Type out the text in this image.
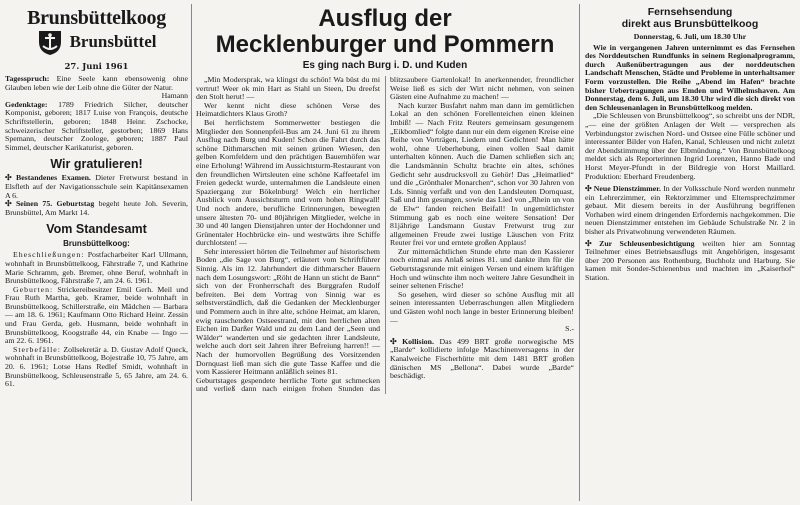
Brunsbüttelkoog
Brunsbüttel
27. Juni 1961

Tagesspruch: Eine Seele kann ebensowenig ohne Glauben leben wie der Leib ohne die Güter der Natur.

Hamann

Gedenktage: 1789 Friedrich Silcher, deutscher Komponist, geboren; 1817 Luise von François, deutsche Schriftstellerin, geboren; 1848 Heinr. Zschocke, schweizerischer Schriftsteller, gestorben; 1869 Hans Spemann, deutscher Zoologe, geboren; 1887 Paul Simmel, deutscher Karikaturist, geboren.

Wir gratulieren!

✣ Bestandenes Examen. Dieter Fretwurst bestand in Elsfleth auf der Navigationsschule sein Kapitänsexamen A 6.

✣ Seinen 75. Geburtstag begeht heute Joh. Severin, Brunsbüttel, Am Markt 14.

Vom Standesamt
Brunsbüttelkoog:

Eheschließungen: Postfacharbeiter Karl Ullmann, wohnhaft in Brunsbüttelkoog, Fährstraße 7, und Kathrine Marie Schramm, geb. Bremer, ohne Beruf, wohnhaft in Brunsbüttelkoog, Fährstraße 7, am 24. 6. 1961.

Geburten: Strickereibesitzer Emil Gerh. Meil und Frau Ruth Martha, geb. Kramer, beide wohnhaft in Brunsbüttelkoog, Schillerstraße, ein Mädchen — Barbara — am 18. 6. 1961; Kaufmann Otto Richard Heinr. Zessin und Frau Gerda, geb. Husmann, beide wohnhaft in Brunsbüttelkoog, Koogstraße 44, ein Knabe — Ingo — am 22. 6. 1961.

Sterbefälle: Zollsekretär a. D. Gustav Adolf Queck, wohnhaft in Brunsbüttelkoog, Bojestraße 10, 75 Jahre, am 20. 6. 1961; Lotse Hans Redlef Smidt, wohnhaft in Brunsbüttelkoog, Schleusenstraße 5, 65 Jahre, am 24. 6. 61.

Ausflug der
Mecklenburger und Pommern
Es ging nach Burg i. D. und Kuden

„Min Modersprak, wa klingst du schön! Wa büst du mi vertrut! Weer ok min Hart as Stahl un Steen, Du dreefst den Stolt herut! —

Wer kennt nicht diese schönen Verse des Heimatdichters Klaus Groth?

Bei herrlichstem Sommerwetter bestiegen die Mitglieder den Sonnenpfeil-Bus am 24. Juni 61 zu ihrem Ausflug nach Burg und Kuden! Schon die Fahrt durch das schöne Dithmarschen mit seinen grünen Wiesen, den gelben Kornfeldern und den prächtigen Bauernhöfen war eine Erholung! Während im Aussichtsturm-Restaurant von den freundlichen Wirtsleuten eine schöne Kaffeetafel im Freien gedeckt wurde, unternahmen die Landsleute einen Spaziergang zur Bökelnburg! Welch ein herrlicher Ausblick vom Aussichtsturm und vom hohen Ringwall! Und noch andere, berufliche Erinnerungen, bewegten unsere ältesten 70- und 80jährigen Mitglieder, welche in 30 und 40 langen Dienstjahren unter der Hochdonner und Grünentaler Hochbrücke ein- und westwärts ihre Schiffe durchlotsten! —

Sehr interessiert hörten die Teilnehmer auf historischem Boden „die Sage von Burg“, erläutert vom Schriftführer Sinnig. Als im 12. Jahrhundert die dithmarscher Bauern nach dem Losungswort: „Röht de Hann un sticht de Bann“ sich von der Fronherrschaft des Burggrafen Rudolf befreiten. Bei dem Vortrag von Sinnig war es selbstverständlich, daß die Gedanken der Mecklenburger und Pommern auch in ihre alte, schöne Heimat, am klaren, ewig rauschenden Ostseestrand, mit den herrlichen alten Eichen im Darßer Wald und zu dem Land der „Seen und Wälder“ wanderten und sie gedachten ihrer Landsleute, welche auch dort seit Jahren ihrer Befreiung harren!! — Nach der humorvollen Begrüßung des Vorsitzenden Dornquast ließ man sich die gute Tasse Kaffee und die vom Kassierer Heitmann anläßlich seines 81.

Geburtstages gespendete herrliche Torte gut schmecken und verließ dann nach einigen frohen Stunden das blitzsaubere Gartenlokal! In anerkennender, freundlicher Weise ließ es sich der Wirt nicht nehmen, von seinen Gästen eine Aufnahme zu machen! —

Nach kurzer Busfahrt nahm man dann im gemütlichen Lokal an den schönen Forellenteichen einen kleinen Imbiß! — Nach Fritz Reuters gemeinsam gesungenem „Eikbomlied“ folgte dann nur ein dem eigenen Kreise eine Reihe von Vorträgen, Liedern und Gedichten! Man hätte wohl, ohne Ueberhebung, einen vollen Saal damit unterhalten können. Auch die Damen schließen sich an; die Landsmännin Schultz brachte ein altes, schönes Gedicht sehr ausdrucksvoll zu Gehör! Das „Heimatlied“ und die „Grönthaler Monarchen“, schon vor 30 Jahren von Lds. Sinnig verfaßt und von den Landsleuten Dornquast, Saß und ihm gesungen, sowie das Lied von „Rhein un von de Elw“ fanden reichen Beifall! In ungemütlichster Stimmung gab es noch eine weitere Sensation! Der 81jährige Landsmann Gustav Fretwurst trug zur allgemeinen Freude zwei lustige Läuschen von Fritz Reuter frei vor und erntete großen Applaus!

Zur mitternächtlichen Stunde ehrte man den Kassierer noch einmal aus Anlaß seines 81. und dankte ihm für die Geburtstagsrunde mit einigen Versen und einem kräftigen Hoch und wünschte ihm noch weitere Jahre Gesundheit in seiner seltenen Frische!

So gesehen, wird dieser so schöne Ausflug mit all seinen interessanten Ueberraschungen allen Mitgliedern und Gästen wohl noch lange in bester Erinnerung bleiben! —

S.-

✣ Kollision. Das 499 BRT große norwegische MS „Barde“ kollidierte infolge Maschinenversagens in der Kanalweiche Fischerhütte mit dem 1481 BRT großen dänischen MS „Bellona“. Dabei wurde „Barde“ beschädigt.

Fernsehsendung
direkt aus Brunsbüttelkoog

Donnerstag, 6. Juli, um 18.30 Uhr

Wie in vergangenen Jahren unternimmt es das Fernsehen des Norddeutschen Rundfunks in seinem Regionalprogramm, durch Außenübertragungen aus der norddeutschen Landschaft Menschen, Städte und Probleme in unterhaltsamer Form vorzustellen. Die Reihe „Abend im Hafen“ brachte bisher Uebertragungen aus Emden und Wilhelmshaven. Am Donnerstag, dem 6. Juli, um 18.30 Uhr wird die sich direkt von den Schleusenanlagen in Brunsbüttelkoog melden.

„Die Schleusen von Brunsbüttelkoog“, so schreibt uns der NDR, „— eine der größten Anlagen der Welt — versprechen als Verbindungstor zwischen Nord- und Ostsee eine Fülle schöner und interessanter Bilder von Hafen, Kanal, Schleusen und nicht zuletzt der Abendstimmung über der Elbmündung.“ Von Brunsbüttelkoog meldet sich als Reporterinnen Ingrid Lorenzen, Hanno Bade und Horst Meyer-Pfundt in der Bildregie von Horst Maillard. Produktion: Eberhard Freudenberg.

✣ Neue Dienstzimmer. In der Volksschule Nord werden nunmehr ein Lehrerzimmer, ein Rektorzimmer und Elternsprechzimmer gebaut. Mit diesem bereits in der Ausführung begriffenen Vorhaben wird einem dringenden Erfordernis nachgekommen. Die neuen Dienstzimmer entstehen im Gebäude Schulstraße Nr. 2 in bisher als Privatwohnung verwendeten Räumen.

✣ Zur Schleusenbesichtigung weilten hier am Sonntag Teilnehmer eines Betriebsausflugs mit Angehörigen, insgesamt über 200 Personen aus Rothenburg, Buchholz und Harburg. Sie kamen mit Sonder-Schienenbus und machten im „Kaiserhof“ Station.
